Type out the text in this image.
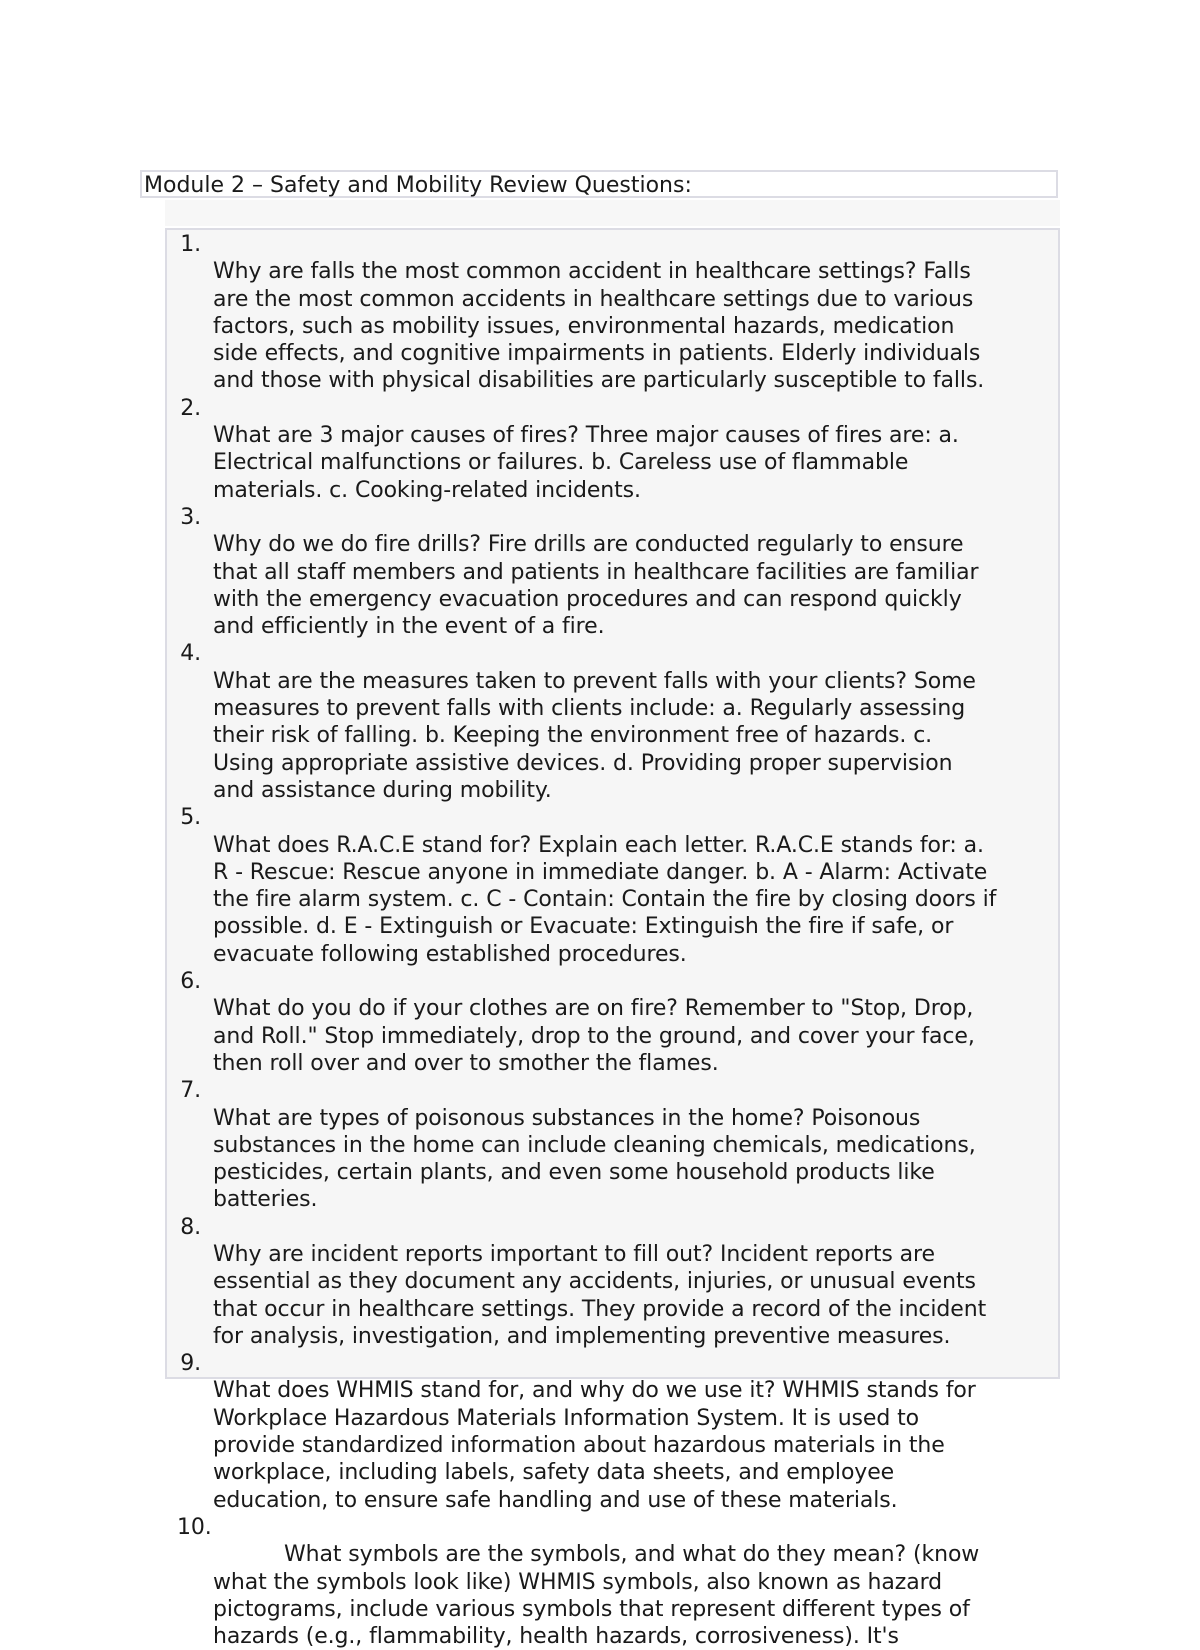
Module 2 – Safety and Mobility Review Questions:

1.
Why are falls the most common accident in healthcare settings? Falls
are the most common accidents in healthcare settings due to various
factors, such as mobility issues, environmental hazards, medication
side effects, and cognitive impairments in patients. Elderly individuals
and those with physical disabilities are particularly susceptible to falls.

2.
What are 3 major causes of fires? Three major causes of fires are: a.
Electrical malfunctions or failures. b. Careless use of flammable
materials. c. Cooking-related incidents.

3.
Why do we do fire drills? Fire drills are conducted regularly to ensure
that all staff members and patients in healthcare facilities are familiar
with the emergency evacuation procedures and can respond quickly
and efficiently in the event of a fire.

4.
What are the measures taken to prevent falls with your clients? Some
measures to prevent falls with clients include: a. Regularly assessing
their risk of falling. b. Keeping the environment free of hazards. c.
Using appropriate assistive devices. d. Providing proper supervision
and assistance during mobility.

5.
What does R.A.C.E stand for? Explain each letter. R.A.C.E stands for: a.
R - Rescue: Rescue anyone in immediate danger. b. A - Alarm: Activate
the fire alarm system. c. C - Contain: Contain the fire by closing doors if
possible. d. E - Extinguish or Evacuate: Extinguish the fire if safe, or
evacuate following established procedures.

6.
What do you do if your clothes are on fire? Remember to "Stop, Drop,
and Roll." Stop immediately, drop to the ground, and cover your face,
then roll over and over to smother the flames.

7.
What are types of poisonous substances in the home? Poisonous
substances in the home can include cleaning chemicals, medications,
pesticides, certain plants, and even some household products like
batteries.

8.
Why are incident reports important to fill out? Incident reports are
essential as they document any accidents, injuries, or unusual events
that occur in healthcare settings. They provide a record of the incident
for analysis, investigation, and implementing preventive measures.

9.
What does WHMIS stand for, and why do we use it? WHMIS stands for
Workplace Hazardous Materials Information System. It is used to
provide standardized information about hazardous materials in the
workplace, including labels, safety data sheets, and employee
education, to ensure safe handling and use of these materials.

10.
What symbols are the symbols, and what do they mean? (know
what the symbols look like) WHMIS symbols, also known as hazard
pictograms, include various symbols that represent different types of
hazards (e.g., flammability, health hazards, corrosiveness). It's
